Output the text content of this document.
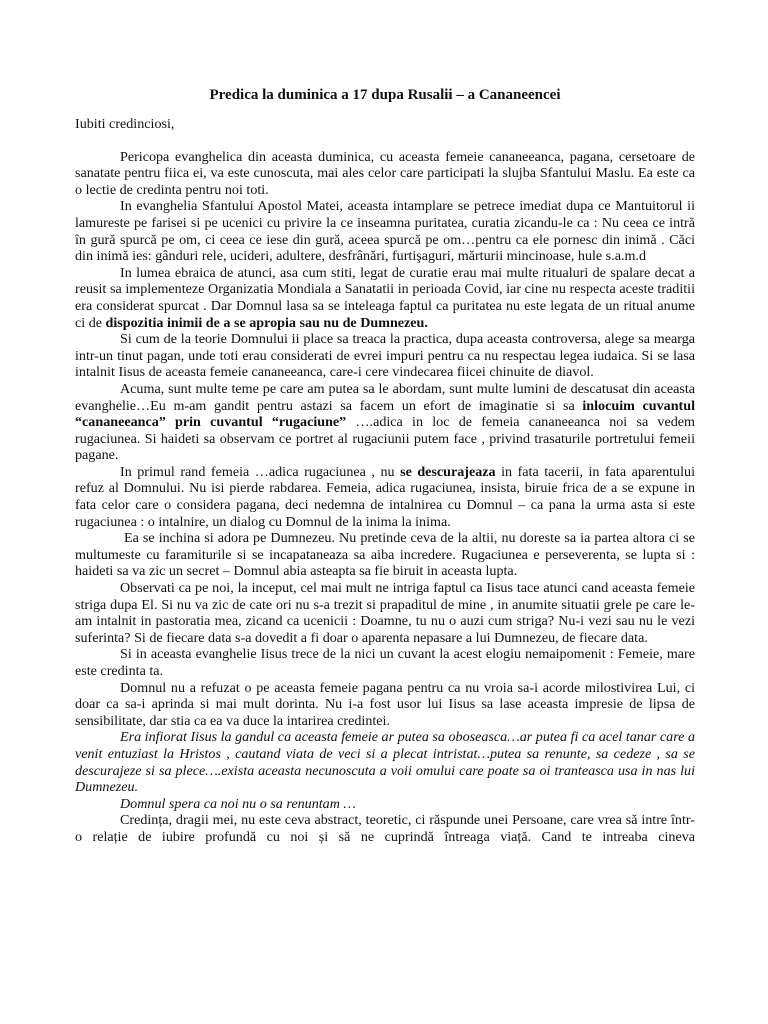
Predica la duminica a 17 dupa Rusalii – a Cananeencei
Iubiti credinciosi,

Pericopa evanghelica din aceasta duminica, cu aceasta femeie cananeeanca, pagana, cersetoare de sanatate pentru fiica ei, va este cunoscuta, mai ales celor care participati la slujba Sfantului Maslu. Ea este ca o lectie de credinta pentru noi toti.

In evanghelia Sfantului Apostol Matei, aceasta intamplare se petrece imediat dupa ce Mantuitorul ii lamureste pe farisei si pe ucenici cu privire la ce inseamna puritatea, curatia zicandu-le ca : Nu ceea ce intră în gură spurcă pe om, ci ceea ce iese din gură, aceea spurcă pe om…pentru ca ele pornesc din inimă . Căci din inimă ies: gânduri rele, ucideri, adultere, desfrânări, furtişaguri, mărturii mincinoase, hule s.a.m.d

In lumea ebraica de atunci, asa cum stiti, legat de curatie erau mai multe ritualuri de spalare decat a reusit sa implementeze Organizatia Mondiala a Sanatatii in perioada Covid, iar cine nu respecta aceste traditii era considerat spurcat . Dar Domnul lasa sa se inteleaga faptul ca puritatea nu este legata de un ritual anume ci de dispozitia inimii de a se apropia sau nu de Dumnezeu.

Si cum de la teorie Domnului ii place sa treaca la practica, dupa aceasta controversa, alege sa mearga intr-un tinut pagan, unde toti erau considerati de evrei impuri pentru ca nu respectau legea iudaica. Si se lasa intalnit Iisus de aceasta femeie cananeeanca, care-i cere vindecarea fiicei chinuite de diavol.

Acuma, sunt multe teme pe care am putea sa le abordam, sunt multe lumini de descatusat din aceasta evanghelie…Eu m-am gandit pentru astazi sa facem un efort de imaginatie si sa inlocuim cuvantul “cananeeanca” prin cuvantul “rugaciune” ….adica in loc de femeia cananeeanca noi sa vedem rugaciunea. Si haideti sa observam ce portret al rugaciunii putem face , privind trasaturile portretului femeii pagane.

In primul rand femeia …adica rugaciunea , nu se descurajeaza in fata tacerii, in fata aparentului refuz al Domnului. Nu isi pierde rabdarea. Femeia, adica rugaciunea, insista, biruie frica de a se expune in fata celor care o considera pagana, deci nedemna de intalnirea cu Domnul – ca pana la urma asta si este rugaciunea : o intalnire, un dialog cu Domnul de la inima la inima.

Ea se inchina si adora pe Dumnezeu. Nu pretinde ceva de la altii, nu doreste sa ia partea altora ci se multumeste cu faramiturile si se incapataneaza sa aiba incredere. Rugaciunea e perseverenta, se lupta si : haideti sa va zic un secret – Domnul abia asteapta sa fie biruit in aceasta lupta.

Observati ca pe noi, la inceput, cel mai mult ne intriga faptul ca Iisus tace atunci cand aceasta femeie striga dupa El. Si nu va zic de cate ori nu s-a trezit si prapaditul de mine , in anumite situatii grele pe care le-am intalnit in pastoratia mea, zicand ca ucenicii : Doamne, tu nu o auzi cum striga? Nu-i vezi sau nu le vezi suferinta? Si de fiecare data s-a dovedit a fi doar o aparenta nepasare a lui Dumnezeu, de fiecare data.

Si in aceasta evanghelie Iisus trece de la nici un cuvant la acest elogiu nemaipomenit : Femeie, mare este credinta ta.

Domnul nu a refuzat o pe aceasta femeie pagana pentru ca nu vroia sa-i acorde milostivirea Lui, ci doar ca sa-i aprinda si mai mult dorinta. Nu i-a fost usor lui Iisus sa lase aceasta impresie de lipsa de sensibilitate, dar stia ca ea va duce la intarirea credintei.

Era infiorat Iisus la gandul ca aceasta femeie ar putea sa oboseasca…ar putea fi ca acel tanar care a venit entuziast la Hristos , cautand viata de veci si a plecat intristat…putea sa renunte, sa cedeze , sa se descurajeze si sa plece….exista aceasta necunoscuta a voii omului care poate sa oi tranteasca usa in nas lui Dumnezeu.

Domnul spera ca noi nu o sa renuntam …

Credința, dragii mei, nu este ceva abstract, teoretic, ci răspunde unei Persoane, care vrea să intre într-o relație de iubire profundă cu noi și să ne cuprindă întreaga viață. Cand te intreaba cineva
